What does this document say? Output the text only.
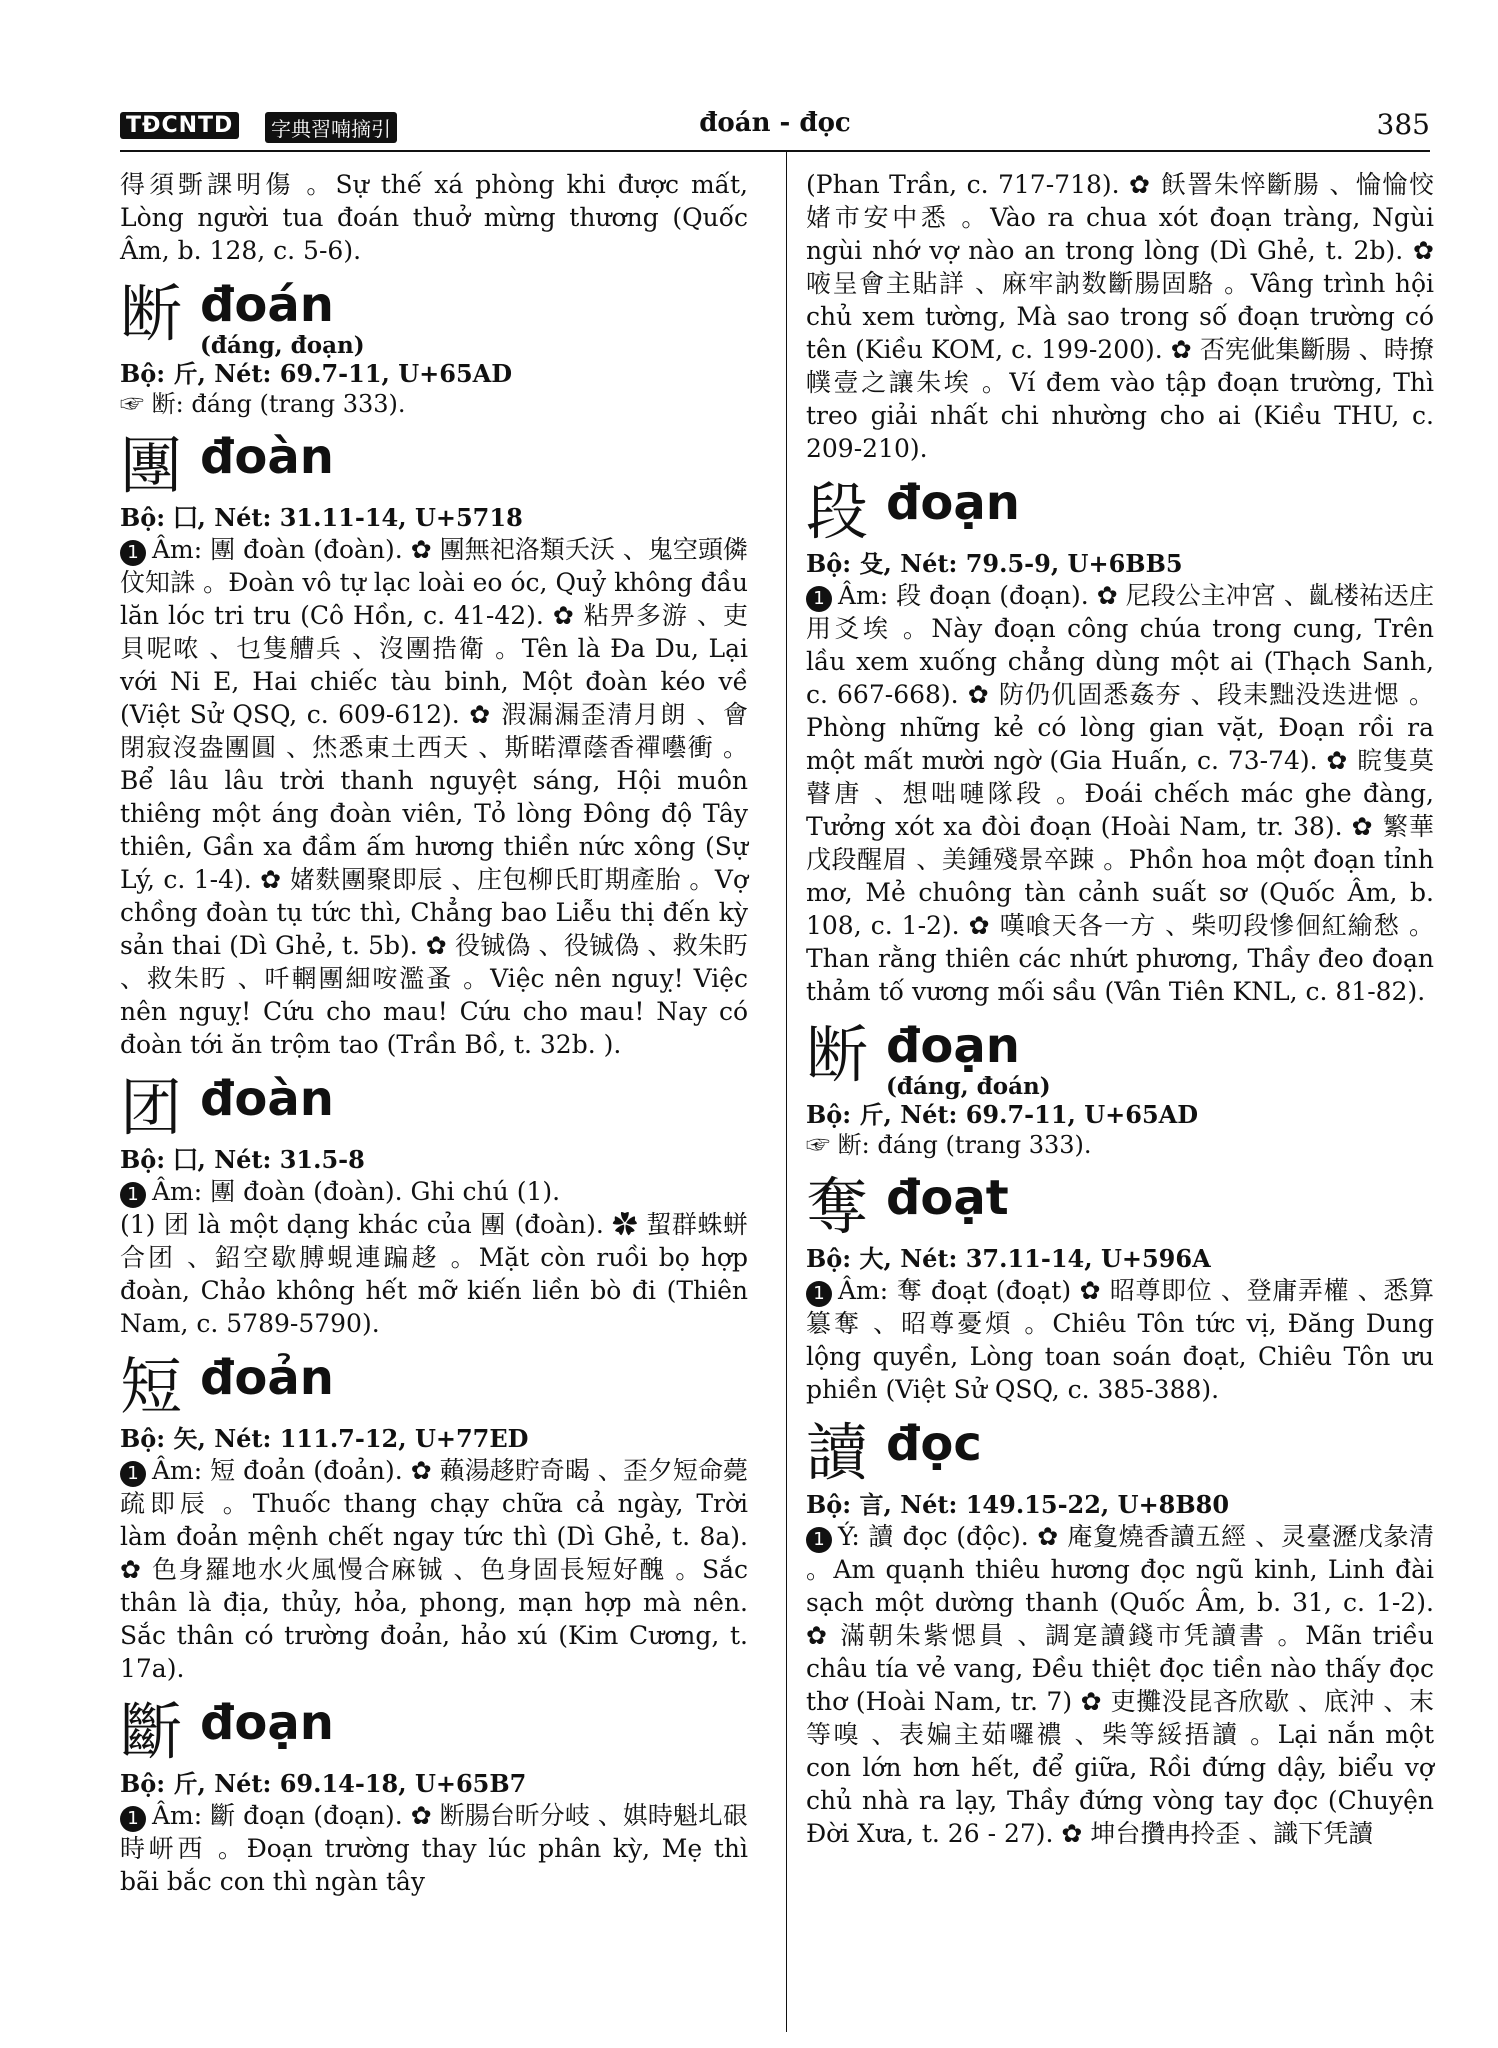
TĐCNTD	字典習喃摘引	đoán - đọc	385

得須斲課明傷 。Sự thế xá phòng khi được mất, Lòng người tua đoán thuở mừng thương (Quốc Âm, b. 128, c. 5-6).

断 đoán
(đáng, đoạn)
Bộ: 斤, Nét: 69.7-11, U+65AD
☞ 断: đáng (trang 333).
團 đoàn
Bộ: 囗, Nét: 31.11-14, U+5718

1 Âm: 團 đoàn (đoàn). ✿ 團無祀洛類夭沃 、鬼空頭僯伩知誅 。Đoàn vô tự lạc loài eo óc, Quỷ không đầu lăn lóc tri tru (Cô Hồn, c. 41-42). ✿ 粘畀多游 、吏貝呢哝 、乜隻艚兵 、沒團捁衛 。Tên là Đa Du, Lại với Ni E, Hai chiếc tàu binh, Một đoàn kéo về (Việt Sử QSQ, c. 609-612). ✿ 溊漏漏歪清月朗 、會閉寂沒盎團圓 、烋悉東土西天 、斯睰潭蔭香禪囈衝 。Bể lâu lâu trời thanh nguyệt sáng, Hội muôn thiêng một áng đoàn viên, Tỏ lòng Đông độ Tây thiên, Gần xa đầm ấm hương thiền nức xông (Sự Lý, c. 1-4). ✿ 媎麩團聚即辰 、庄包柳氏盯期產胎 。Vợ chồng đoàn tụ tức thì, Chẳng bao Liễu thị đến kỳ sản thai (Dì Ghẻ, t. 5b). ✿ 役铖偽 、役铖偽 、救朱䀎 、救朱䀎 、吀輞團細咹濫蚤 。Việc nên nguỵ! Việc nên nguỵ! Cứu cho mau! Cứu cho mau! Nay có đoàn tới ăn trộm tao (Trần Bồ, t. 32b. ).

团 đoàn
Bộ: 囗, Nét: 31.5-8

1 Âm: 團 đoàn (đoàn). Ghi chú (1).

(1) 团 là một dạng khác của 團 (đoàn). ✿ 蛪群蛛蛢合团 、鉊空歇膊蜆連蹁趍 。Mặt còn ruồi bọ hợp đoàn, Chảo không hết mỡ kiến liền bò đi (Thiên Nam, c. 5789-5790).

短 đoản
Bộ: 矢, Nét: 111.7-12, U+77ED

1 Âm: 短 đoản (đoản). ✿ 藾湯趍貯奇暍 、歪夕短命薨疏即辰 。Thuốc thang chạy chữa cả ngày, Trời làm đoản mệnh chết ngay tức thì (Dì Ghẻ, t. 8a). ✿ 色身羅地水火風慢合麻铖 、色身固長短好醜 。Sắc thân là địa, thủy, hỏa, phong, mạn hợp mà nên. Sắc thân có trường đoản, hảo xú (Kim Cương, t. 17a).

斷 đoạn
Bộ: 斤, Nét: 69.14-18, U+65B7

1 Âm: 斷 đoạn (đoạn). ✿ 断腸台昕分岐 、娸時魁圠硍時岍西 。Đoạn trường thay lúc phân kỳ, Mẹ thì bãi bắc con thì ngàn tây

(Phan Trần, c. 717-718). ✿ 飫罯朱悴斷腸 、惀惀恔媎市安中悉 。Vào ra chua xót đoạn tràng, Ngùi ngùi nhớ vợ nào an trong lòng (Dì Ghẻ, t. 2b). ✿ 㖡呈會主貼詳 、麻牢訥数斷腸固駱 。Vâng trình hội chủ xem tường, Mà sao trong số đoạn trường có tên (Kiều KOM, c. 199-200). ✿ 否宪佌集斷腸 、時撩幞壹之讓朱埃 。Ví đem vào tập đoạn trường, Thì treo giải nhất chi nhường cho ai (Kiều THU, c. 209-210).

段 đoạn
Bộ: 殳, Nét: 79.5-9, U+6BB5

1 Âm: 段 đoạn (đoạn). ✿ 尼段公主冲宮 、齓楼祐迗庄用爻埃 。Này đoạn công chúa trong cung, Trên lầu xem xuống chẳng dùng một ai (Thạch Sanh, c. 667-668). ✿ 防仍仉固悉姦夯 、段耒黜没迭进愢 。Phòng những kẻ có lòng gian vặt, Đoạn rồi ra một mất mười ngờ (Gia Huấn, c. 73-74). ✿ 睆隻莫瞽唐 、想咄嗹隊段 。Đoái chếch mác ghe đàng, Tưởng xót xa đòi đoạn (Hoài Nam, tr. 38). ✿ 繁華戊段醒眉 、美鍾殘景卒踈 。Phồn hoa một đoạn tỉnh mơ, Mẻ chuông tàn cảnh suất sơ (Quốc Âm, b. 108, c. 1-2). ✿ 嘆喰天各一方 、柴叨段慘佪紅緰愁 。Than rằng thiên các nhứt phương, Thầy đeo đoạn thảm tố vương mối sầu (Vân Tiên KNL, c. 81-82).

断 đoạn
(đáng, đoán)
Bộ: 斤, Nét: 69.7-11, U+65AD
☞ 断: đáng (trang 333).
奪 đoạt
Bộ: 大, Nét: 37.11-14, U+596A

1 Âm: 奪 đoạt (đoạt) ✿ 昭尊即位 、登庸弄權 、悉算簒奪 、昭尊憂煩 。Chiêu Tôn tức vị, Đăng Dung lộng quyền, Lòng toan soán đoạt, Chiêu Tôn ưu phiền (Việt Sử QSQ, c. 385-388).

讀 đọc
Bộ: 言, Nét: 149.15-22, U+8B80

1 Ý: 讀 đọc (độc). ✿ 庵夐燒香讀五經 、灵臺瀝戊彖清 。Am quạnh thiêu hương đọc ngũ kinh, Linh đài sạch một dường thanh (Quốc Âm, b. 31, c. 1-2). ✿ 滿朝朱紫愢員 、調寔讀錢市凭讀書 。Mãn triều châu tía vẻ vang, Đều thiệt đọc tiền nào thấy đọc thơ (Hoài Nam, tr. 7) ✿ 吏攤没昆吝欣歇 、底沖 、末等嗅 、表媥主茹囉禯 、柴等綏捂讀 。Lại nắn một con lớn hơn hết, để giữa, Rồi đứng dậy, biểu vợ chủ nhà ra lạy, Thầy đứng vòng tay đọc (Chuyện Đời Xưa, t. 26 - 27). ✿ 坤台攢冉拎歪 、識下凭讀
